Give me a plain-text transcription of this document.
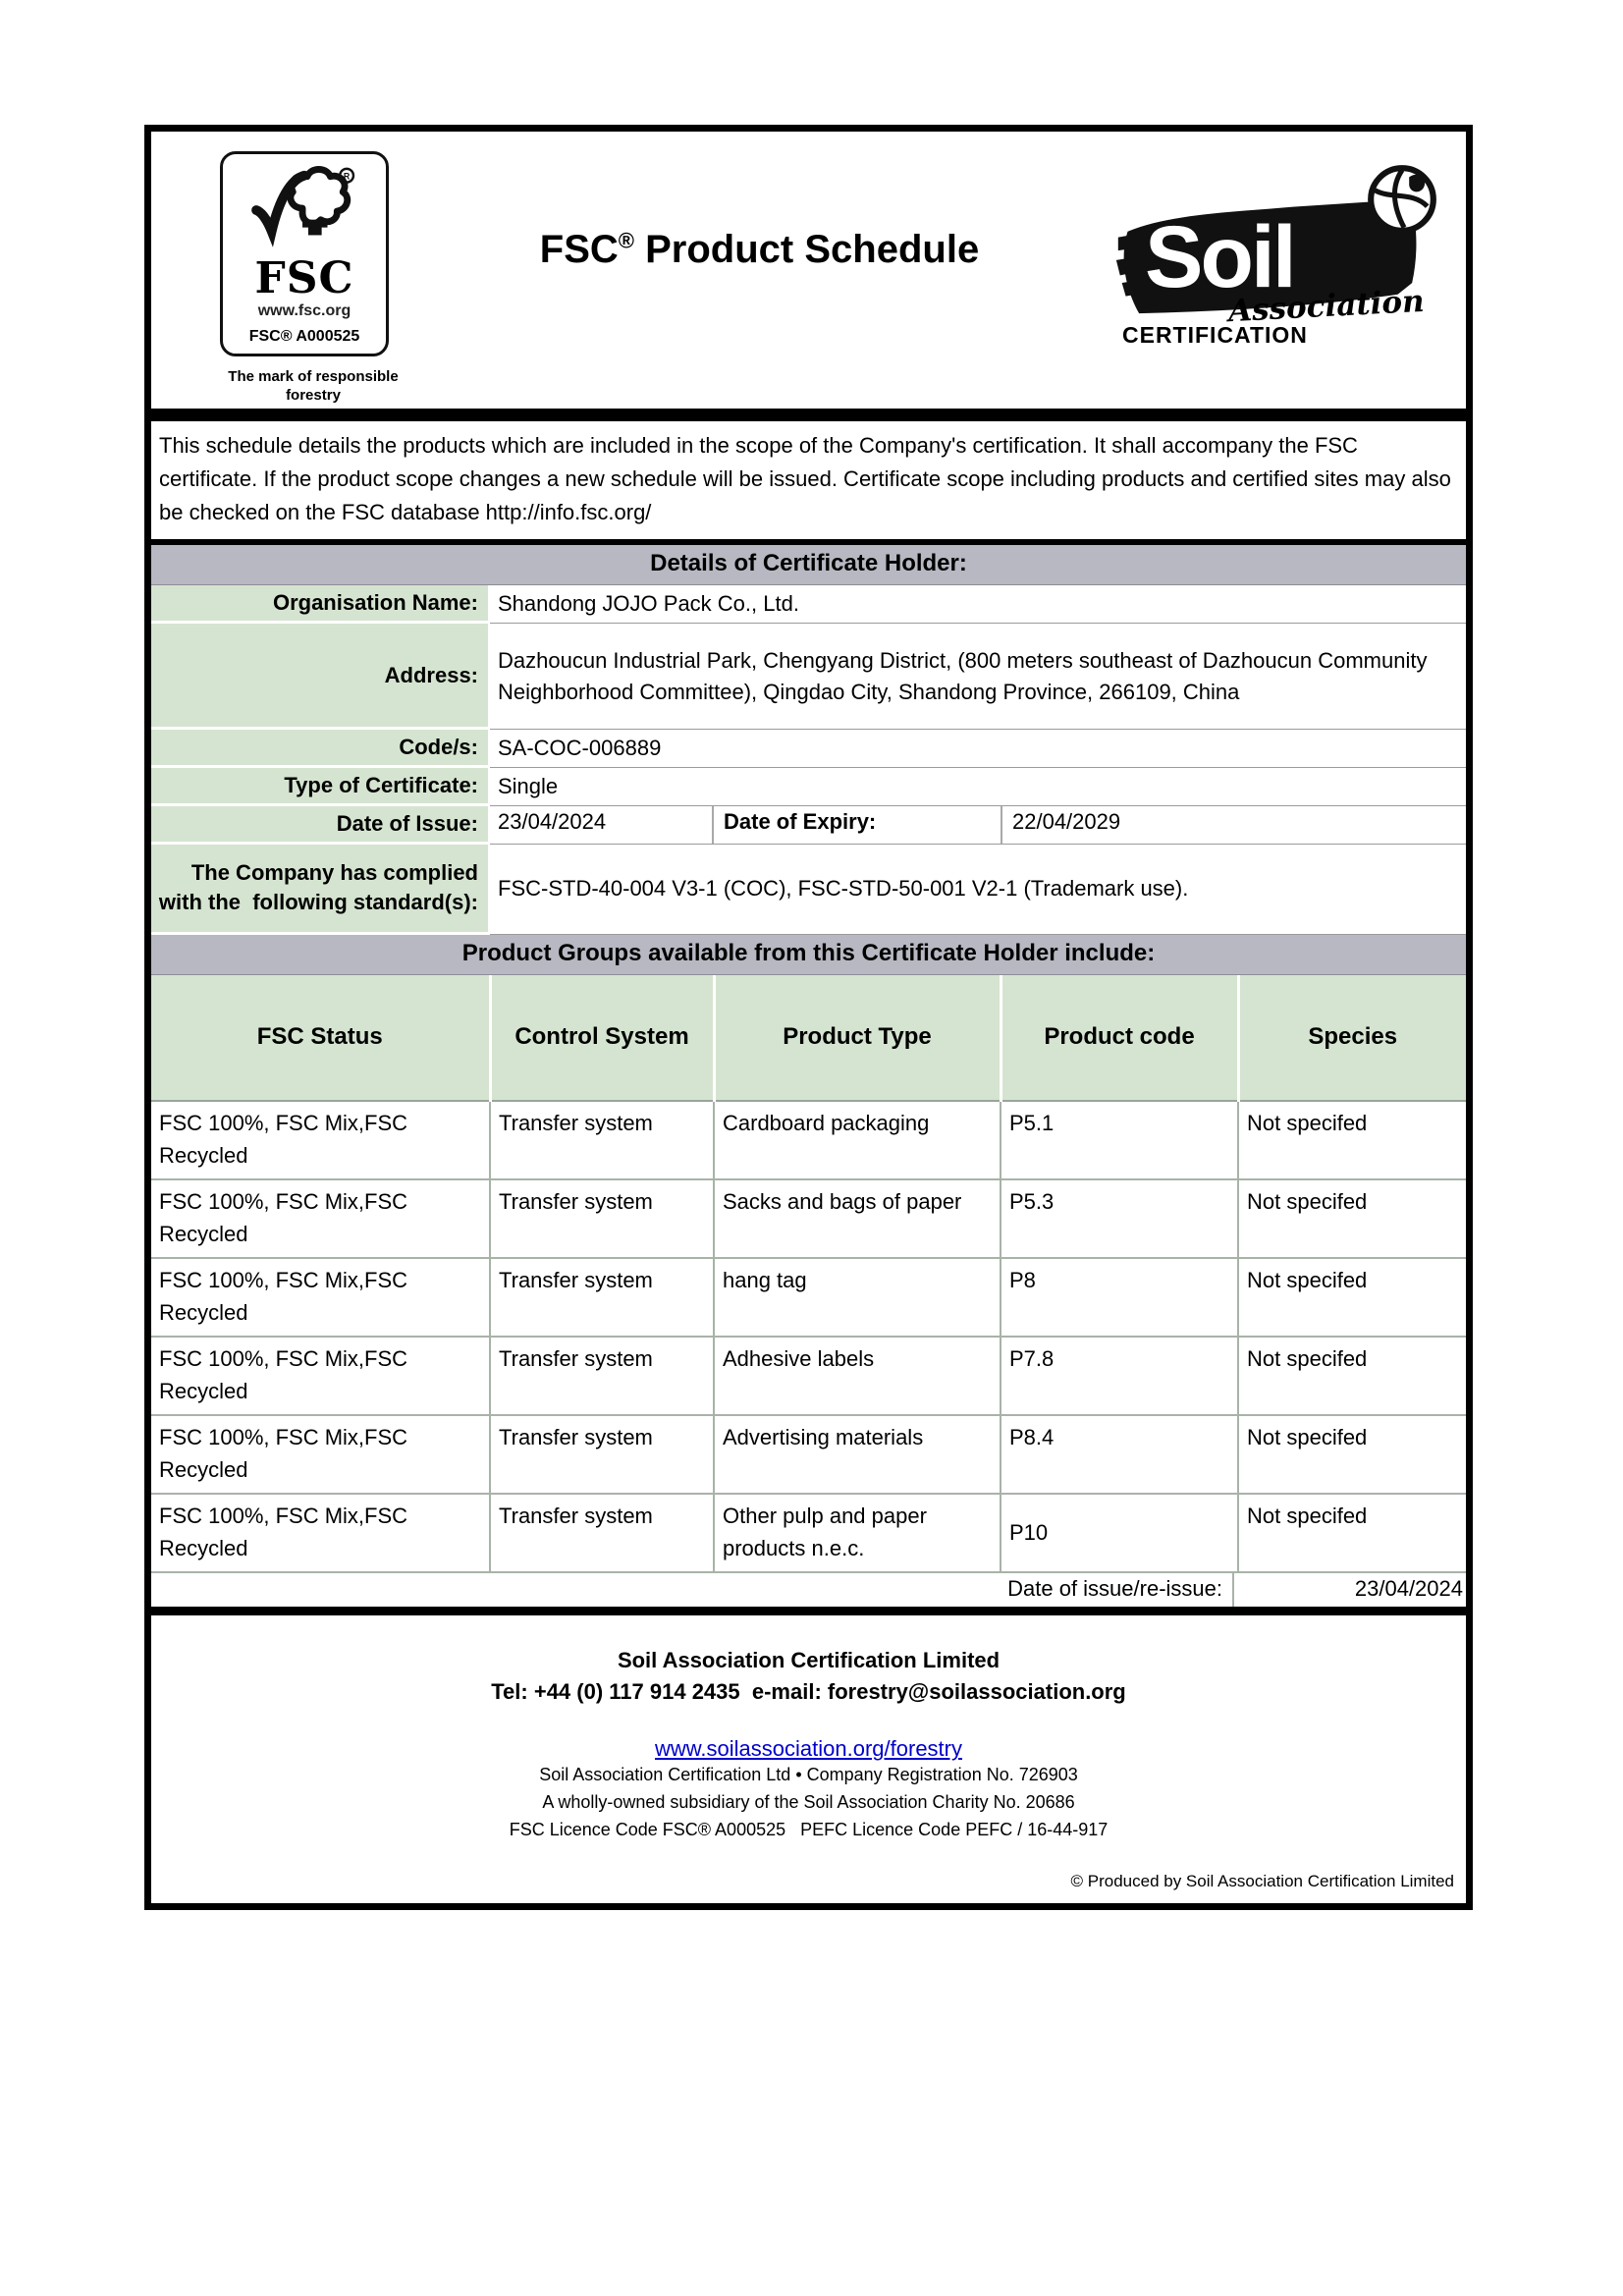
R
FSC
www.fsc.org
FSC® A000525
The mark of responsible forestry
FSC® Product Schedule	Soil
Association
CERTIFICATION
This schedule details the products which are included in the scope of the Company's certification. It shall accompany the FSC certificate. If the product scope changes a new schedule will be issued. Certificate scope including products and certified sites may also be checked on the FSC database http://info.fsc.org/
Details of Certificate Holder:
Organisation Name: Shandong JOJO Pack Co., Ltd.
Address:
Dazhoucun Industrial Park, Chengyang District, (800 meters southeast of Dazhoucun Community Neighborhood Committee), Qingdao City, Shandong Province, 266109, China
Code/s: SA-COC-006889
Type of Certificate: Single
Date of Issue: 23/04/2024	Date of Expiry:	22/04/2029
The Company has complied with the  following standard(s):
FSC-STD-40-004 V3-1 (COC), FSC-STD-50-001 V2-1 (Trademark use).
Product Groups available from this Certificate Holder include:
FSC Status	Control System	Product Type	Product code	Species
FSC 100%, FSC Mix,FSC Recycled	Transfer system	Cardboard packaging	P5.1	Not specifed
FSC 100%, FSC Mix,FSC Recycled	Transfer system	Sacks and bags of paper	P5.3	Not specifed
FSC 100%, FSC Mix,FSC Recycled	Transfer system	hang tag	P8	Not specifed
FSC 100%, FSC Mix,FSC Recycled	Transfer system	Adhesive labels	P7.8	Not specifed
FSC 100%, FSC Mix,FSC Recycled	Transfer system	Advertising materials	P8.4	Not specifed
FSC 100%, FSC Mix,FSC Recycled	Transfer system	Other pulp and paper products n.e.c.	P10	Not specifed
Date of issue/re-issue:	23/04/2024
Soil Association Certification Limited
Tel: +44 (0) 117 914 2435  e-mail: forestry@soilassociation.org
www.soilassociation.org/forestry
Soil Association Certification Ltd • Company Registration No. 726903
A wholly-owned subsidiary of the Soil Association Charity No. 20686
FSC Licence Code FSC® A000525   PEFC Licence Code PEFC / 16-44-917
© Produced by Soil Association Certification Limited
